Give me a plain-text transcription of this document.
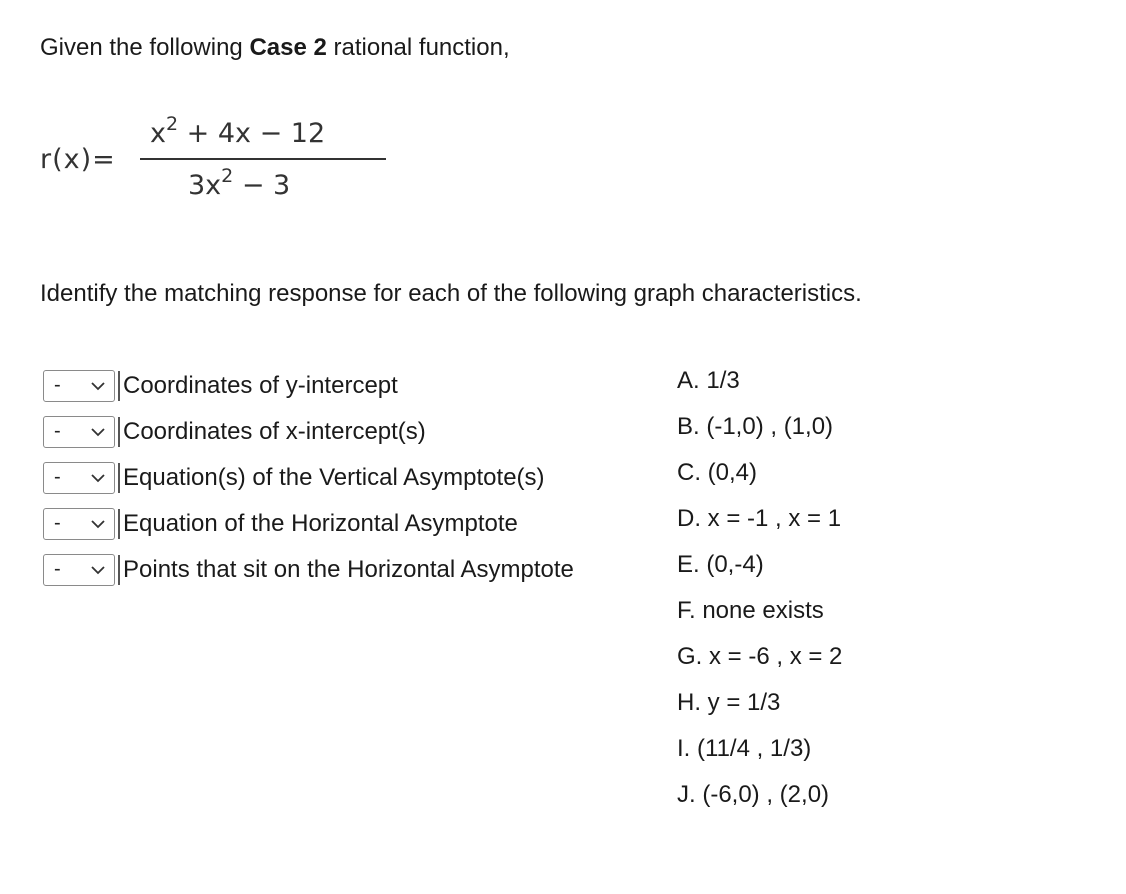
Given the following Case 2 rational function,
r(x)=
$x^2 + 4x - 12$
$3x^2 - 3$
Identify the matching response for each of the following graph characteristics.
-	Coordinates of y-intercept
-	Coordinates of x-intercept(s)
-	Equation(s) of the Vertical Asymptote(s)
-	Equation of the Horizontal Asymptote
-	Points that sit on the Horizontal Asymptote
A. 1/3
B. (-1,0) , (1,0)
C. (0,4)
D. x = -1 , x = 1
E. (0,-4)
F. none exists
G. x = -6 , x = 2
H. y = 1/3
I. (11/4 , 1/3)
J. (-6,0) , (2,0)
